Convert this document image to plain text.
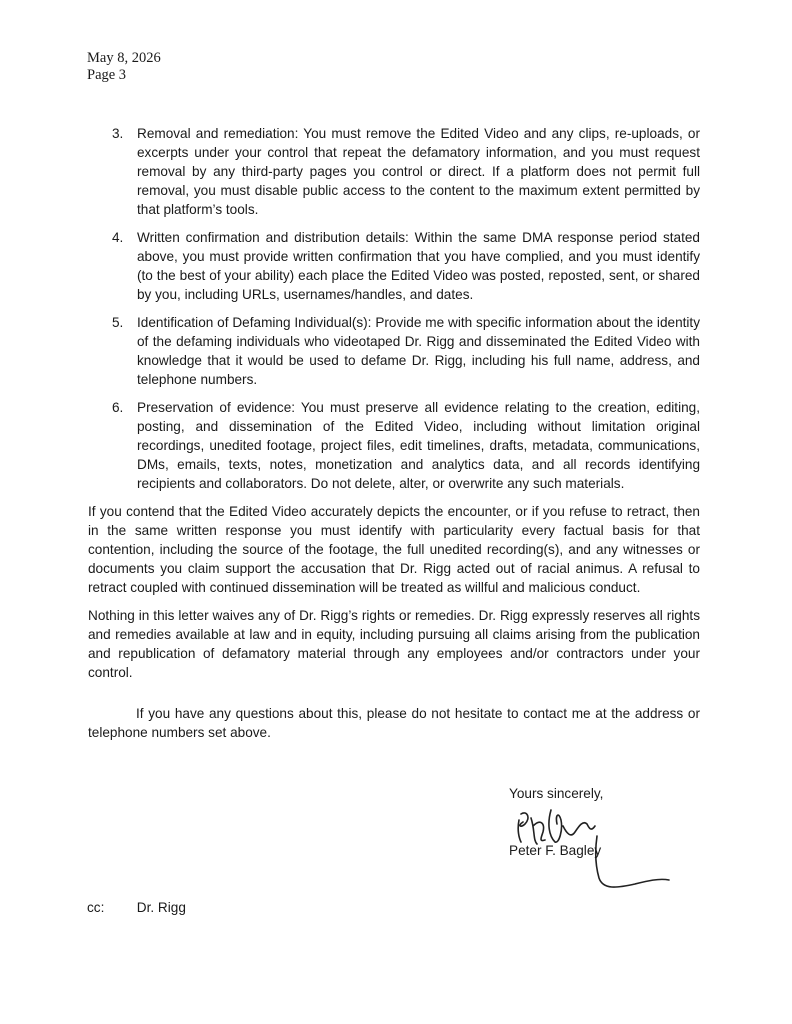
May 8, 2026
Page 3
3. Removal and remediation: You must remove the Edited Video and any clips, re-uploads, or excerpts under your control that repeat the defamatory information, and you must request removal by any third-party pages you control or direct. If a platform does not permit full removal, you must disable public access to the content to the maximum extent permitted by that platform’s tools.
4. Written confirmation and distribution details: Within the same DMA response period stated above, you must provide written confirmation that you have complied, and you must identify (to the best of your ability) each place the Edited Video was posted, reposted, sent, or shared by you, including URLs, usernames/handles, and dates.
5. Identification of Defaming Individual(s): Provide me with specific information about the identity of the defaming individuals who videotaped Dr. Rigg and disseminated the Edited Video with knowledge that it would be used to defame Dr. Rigg, including his full name, address, and telephone numbers.
6. Preservation of evidence: You must preserve all evidence relating to the creation, editing, posting, and dissemination of the Edited Video, including without limitation original recordings, unedited footage, project files, edit timelines, drafts, metadata, communications, DMs, emails, texts, notes, monetization and analytics data, and all records identifying recipients and collaborators. Do not delete, alter, or overwrite any such materials.

If you contend that the Edited Video accurately depicts the encounter, or if you refuse to retract, then in the same written response you must identify with particularity every factual basis for that contention, including the source of the footage, the full unedited recording(s), and any witnesses or documents you claim support the accusation that Dr. Rigg acted out of racial animus. A refusal to retract coupled with continued dissemination will be treated as willful and malicious conduct.

Nothing in this letter waives any of Dr. Rigg’s rights or remedies. Dr. Rigg expressly reserves all rights and remedies available at law and in equity, including pursuing all claims arising from the publication and republication of defamatory material through any employees and/or contractors under your control.

If you have any questions about this, please do not hesitate to contact me at the address or telephone numbers set above.

Yours sincerely,
Peter F. Bagley
cc: Dr. Rigg
